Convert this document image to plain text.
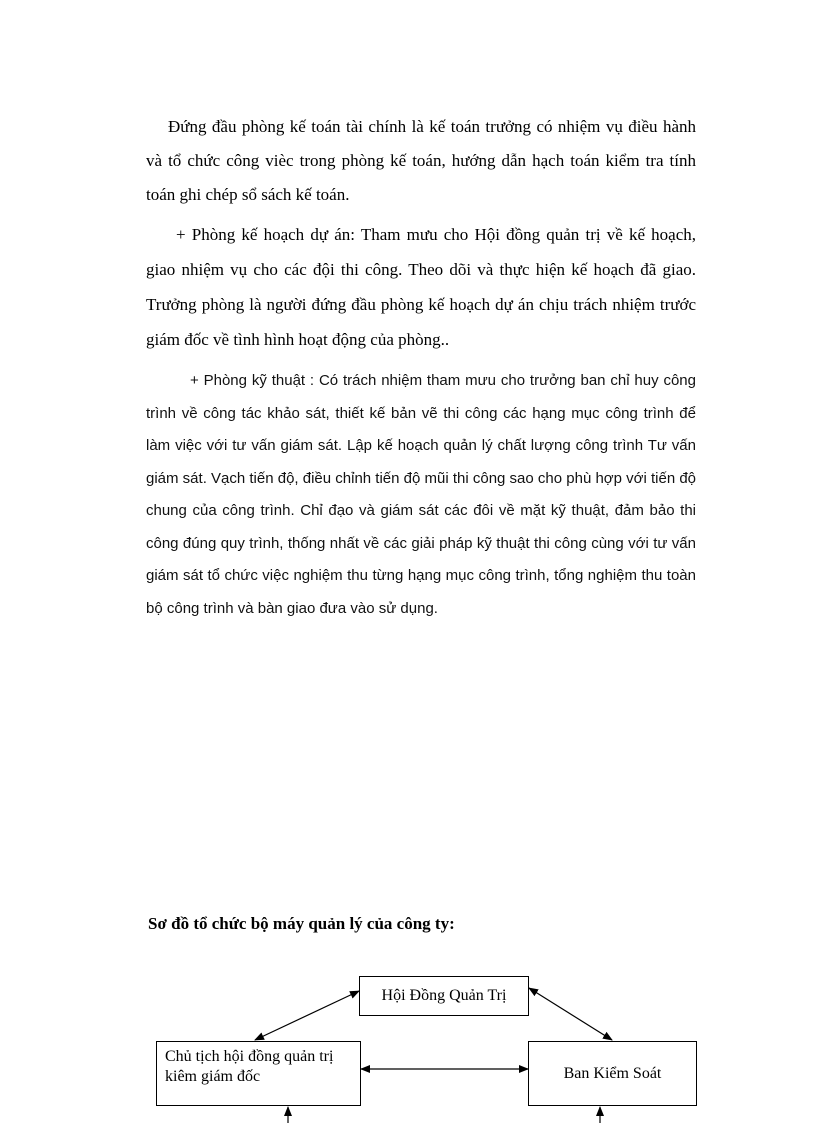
Đứng đầu phòng kế toán tài chính là kế toán trưởng có nhiệm vụ điều hành và tổ chức công vièc trong phòng kế toán, hướng dẫn hạch toán kiểm tra tính toán ghi chép sổ sách kế toán.

+ Phòng kế hoạch dự án: Tham mưu cho Hội đồng quản trị về kế hoạch, giao nhiệm vụ cho các đội thi công. Theo dõi và thực hiện kế hoạch đã giao. Trưởng phòng là người đứng đầu phòng kế hoạch dự án chịu trách nhiệm trước giám đốc về tình hình hoạt động của phòng..

+ Phòng kỹ thuật : Có trách nhiệm tham mưu cho trưởng ban chỉ huy công trình về công tác khảo sát, thiết kế bản vẽ thi công các hạng mục công trình để làm việc với tư vấn giám sát. Lập kế hoạch quản lý chất lượng công trình Tư vấn giám sát. Vạch tiến độ, điều chỉnh tiến độ mũi thi công sao cho phù hợp với tiến độ chung của công trình. Chỉ đạo và giám sát các đôi về mặt kỹ thuật, đảm bảo thi công đúng quy trình, thống nhất về các giải pháp kỹ thuật thi công cùng với tư vấn giám sát tổ chức việc nghiệm thu từng hạng mục công trình, tổng nghiệm thu toàn bộ công trình và bàn giao đưa vào sử dụng.

Sơ đồ tổ chức bộ máy quản lý của công ty:
Hội Đồng Quản Trị
Chủ tịch hội đồng quản trị kiêm giám đốc	Ban Kiểm Soát
